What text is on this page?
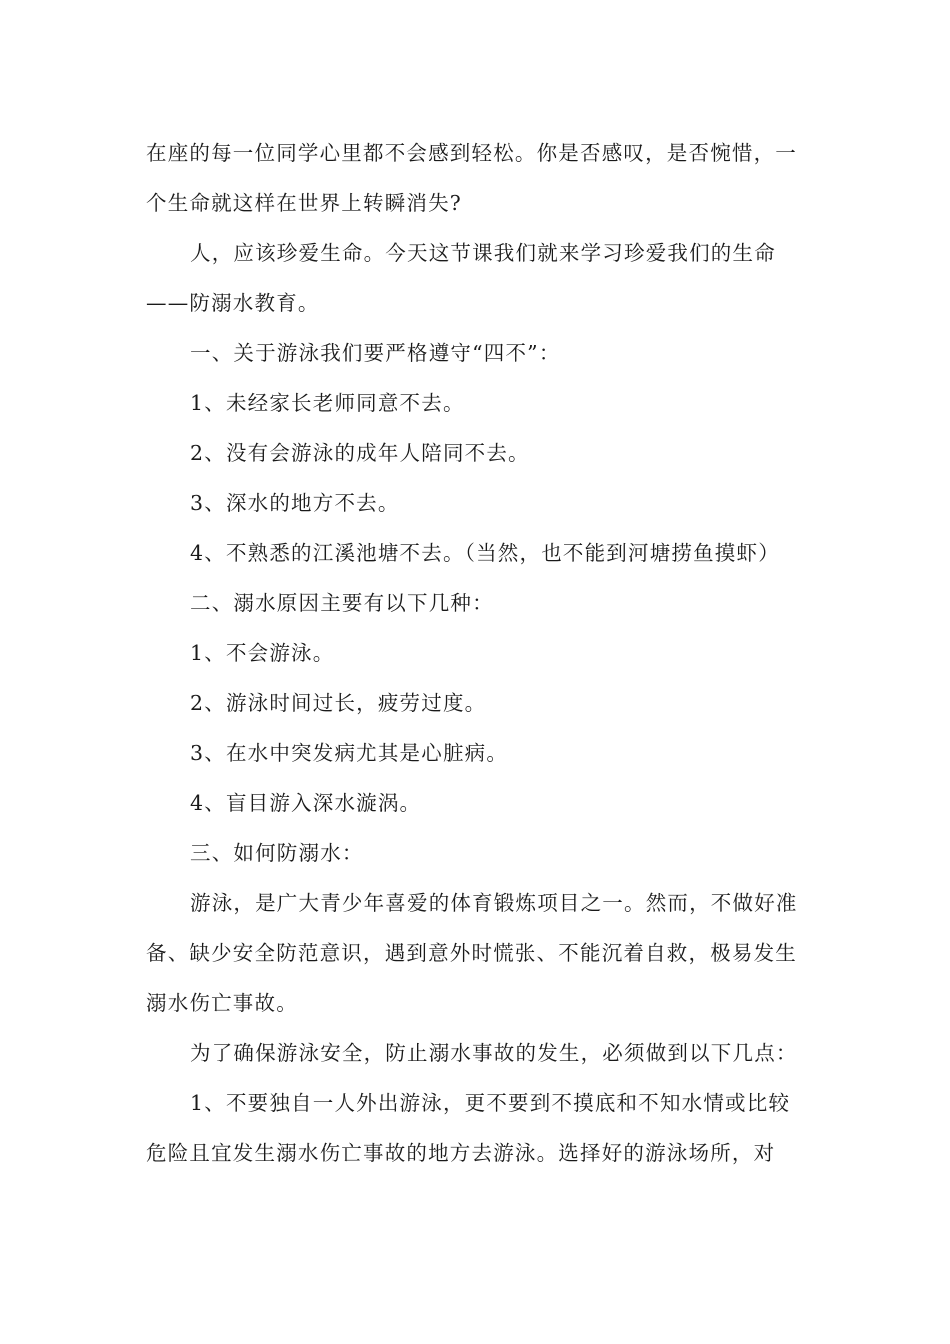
在座的每一位同学心里都不会感到轻松。你是否感叹，是否惋惜，一个生命就这样在世界上转瞬消失?

人，应该珍爱生命。今天这节课我们就来学习珍爱我们的生命——防溺水教育。

一、关于游泳我们要严格遵守“四不”：

1、未经家长老师同意不去。

2、没有会游泳的成年人陪同不去。

3、深水的地方不去。

4、不熟悉的江溪池塘不去。（当然，也不能到河塘捞鱼摸虾）

二、溺水原因主要有以下几种：

1、不会游泳。

2、游泳时间过长，疲劳过度。

3、在水中突发病尤其是心脏病。

4、盲目游入深水漩涡。

三、如何防溺水：

游泳，是广大青少年喜爱的体育锻炼项目之一。然而，不做好准备、缺少安全防范意识，遇到意外时慌张、不能沉着自救，极易发生溺水伤亡事故。

为了确保游泳安全，防止溺水事故的发生，必须做到以下几点：

1、不要独自一人外出游泳，更不要到不摸底和不知水情或比较危险且宜发生溺水伤亡事故的地方去游泳。选择好的游泳场所，对
